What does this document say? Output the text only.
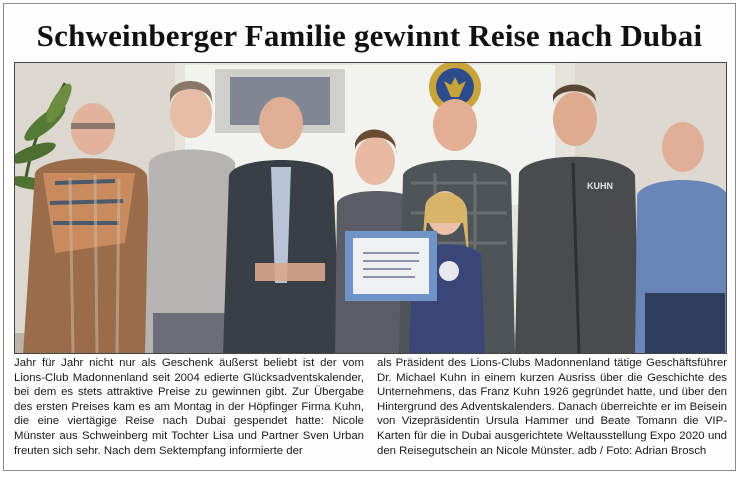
Schweinberger Familie gewinnt Reise nach Dubai
KUHN

Jahr für Jahr nicht nur als Geschenk äußerst beliebt ist der vom Lions-Club Madonnenland seit 2004 edierte Glücksadventskalender, bei dem es stets attraktive Preise zu gewinnen gibt. Zur Übergabe des ersten Preises kam es am Montag in der Höpfinger Firma Kuhn, die eine viertägige Reise nach Dubai gespendet hatte: Nicole Münster aus Schweinberg mit Tochter Lisa und Partner Sven Urban freuten sich sehr. Nach dem Sektempfang informierte der

als Präsident des Lions-Clubs Madonnenland tätige Geschäftsführer Dr. Michael Kuhn in einem kurzen Ausriss über die Geschichte des Unternehmens, das Franz Kuhn 1926 gegründet hatte, und über den Hintergrund des Adventskalenders. Danach überreichte er im Beisein von Vizepräsidentin Ursula Hammer und Beate Tomann die VIP-Karten für die in Dubai ausgerichtete Weltausstellung Expo 2020 und den Reisegutschein an Nicole Münster. adb / Foto: Adrian Brosch
